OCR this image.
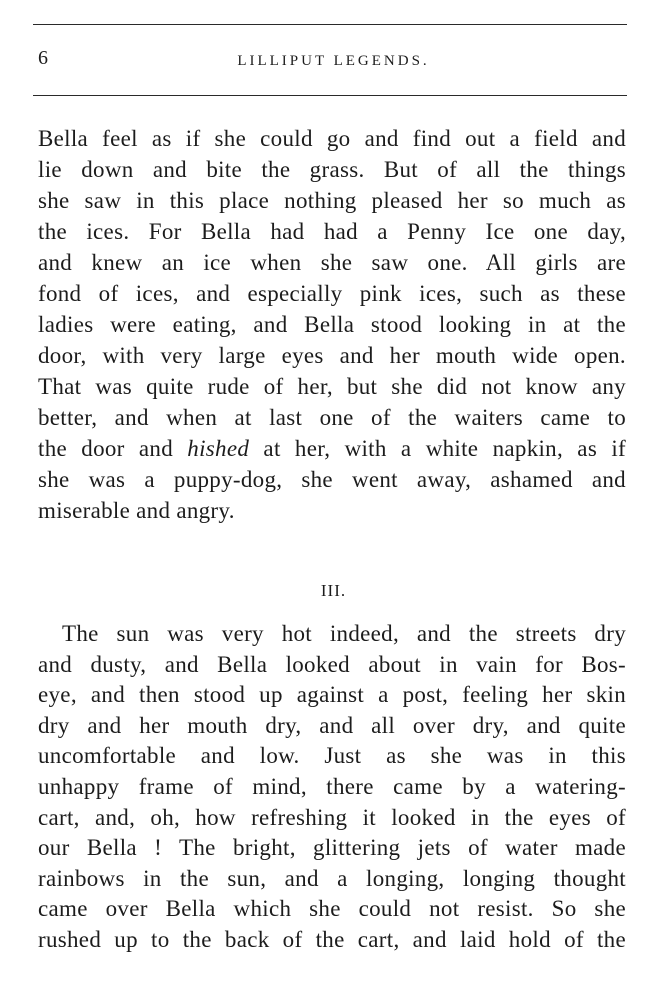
6	LILLIPUT LEGENDS.
Bella feel as if she could go and find out a field and
lie down and bite the grass. But of all the things
she saw in this place nothing pleased her so much as
the ices. For Bella had had a Penny Ice one day,
and knew an ice when she saw one. All girls are
fond of ices, and especially pink ices, such as these
ladies were eating, and Bella stood looking in at the
door, with very large eyes and her mouth wide open.
That was quite rude of her, but she did not know any
better, and when at last one of the waiters came to
the door and hished at her, with a white napkin, as if
she was a puppy-dog, she went away, ashamed and
miserable and angry.
III.
The sun was very hot indeed, and the streets dry
and dusty, and Bella looked about in vain for Bos-
eye, and then stood up against a post, feeling her skin
dry and her mouth dry, and all over dry, and quite
uncomfortable and low. Just as she was in this
unhappy frame of mind, there came by a watering-
cart, and, oh, how refreshing it looked in the eyes of
our Bella ! The bright, glittering jets of water made
rainbows in the sun, and a longing, longing thought
came over Bella which she could not resist. So she
rushed up to the back of the cart, and laid hold of the
